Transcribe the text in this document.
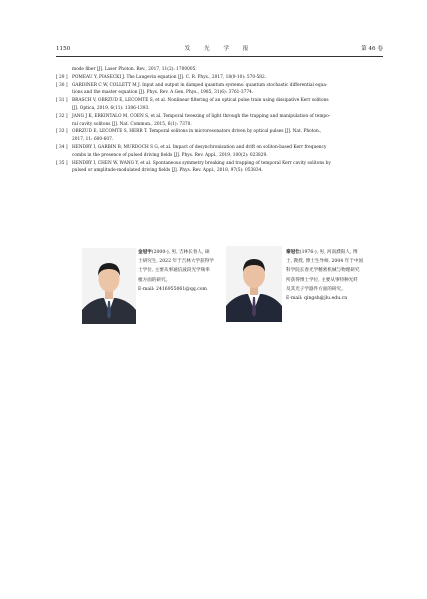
1150	发 光 学 报	第 46 卷
mode fiber [J]. Laser Photon. Rev., 2017, 11(2): 1700005.
[ 29 ] POMEAU Y, PIASECKI J. The Langevin equation [J]. C. R. Phys., 2017, 18(9-10): 570-582.
[ 30 ] GARDINER C W, COLLETT M J. Input and output in damped quantum systems: quantum stochastic differential equa-
tions and the master equation [J]. Phys. Rev. A Gen. Phys., 1985, 31(6): 3761-3774.
[ 31 ] BRASCH V, OBRZUD E, LECOMTE S, et al. Nonlinear filtering of an optical pulse train using dissipative Kerr solitons
[J]. Optica, 2019, 6(11): 1386-1393.
[ 32 ] JANG J K, ERKINTALO M, COEN S, et al. Temporal tweezing of light through the trapping and manipulation of tempo-
ral cavity solitons [J]. Nat. Commun., 2015, 6(1): 7370.
[ 33 ] OBRZUD E, LECOMTE S, HERR T. Temporal solitons in microresonators driven by optical pulses [J]. Nat. Photon.,
2017, 11: 600-607.
[ 34 ] HENDRY I, GARBIN B, MURDOCH S G, et al. Impact of desynchronization and drift on soliton-based Kerr frequency
combs in the presence of pulsed driving fields [J]. Phys. Rev. Appl., 2019, 100(2): 023829.
[ 35 ] HENDRY I, CHEN W, WANG Y, et al. Spontaneous symmetry breaking and trapping of temporal Kerr cavity solitons by
pulsed or amplitude-modulated driving fields [J]. Phys. Rev. Appl., 2018, 97(5): 053834.
金冠宇(2000-), 男, 吉林长春人, 硕
士研究生, 2022 年于吉林大学获得学
士学位, 主要从事通信波段光学频率
梳方面的研究。
E-mail: 2416955061@qq.com
秦冠仕(1976-), 男, 河南濮阳人, 博
士, 教授, 博士生导师, 2004 年于中国
科学院长春光学精密机械与物理研究
所获得博士学位, 主要从事特种光纤
及其光子学器件方面的研究。
E-mail: qingsh@jlu.edu.cn
